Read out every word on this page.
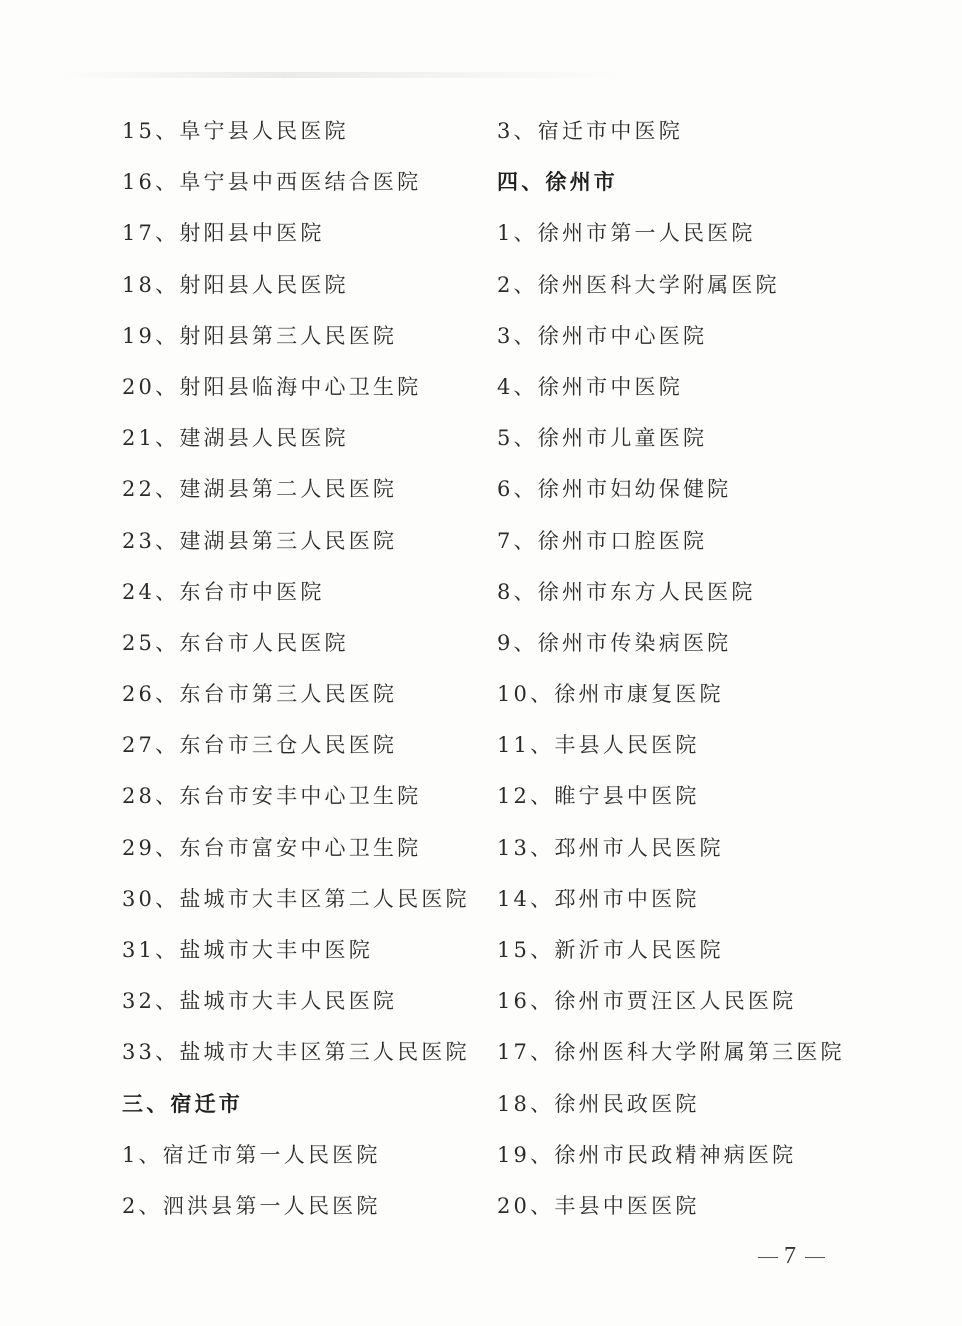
15、阜宁县人民医院
16、阜宁县中西医结合医院
17、射阳县中医院
18、射阳县人民医院
19、射阳县第三人民医院
20、射阳县临海中心卫生院
21、建湖县人民医院
22、建湖县第二人民医院
23、建湖县第三人民医院
24、东台市中医院
25、东台市人民医院
26、东台市第三人民医院
27、东台市三仓人民医院
28、东台市安丰中心卫生院
29、东台市富安中心卫生院
30、盐城市大丰区第二人民医院
31、盐城市大丰中医院
32、盐城市大丰人民医院
33、盐城市大丰区第三人民医院
三、宿迁市
1、宿迁市第一人民医院
2、泗洪县第一人民医院
3、宿迁市中医院
四、徐州市
1、徐州市第一人民医院
2、徐州医科大学附属医院
3、徐州市中心医院
4、徐州市中医院
5、徐州市儿童医院
6、徐州市妇幼保健院
7、徐州市口腔医院
8、徐州市东方人民医院
9、徐州市传染病医院
10、徐州市康复医院
11、丰县人民医院
12、睢宁县中医院
13、邳州市人民医院
14、邳州市中医院
15、新沂市人民医院
16、徐州市贾汪区人民医院
17、徐州医科大学附属第三医院
18、徐州民政医院
19、徐州市民政精神病医院
20、丰县中医医院
7
